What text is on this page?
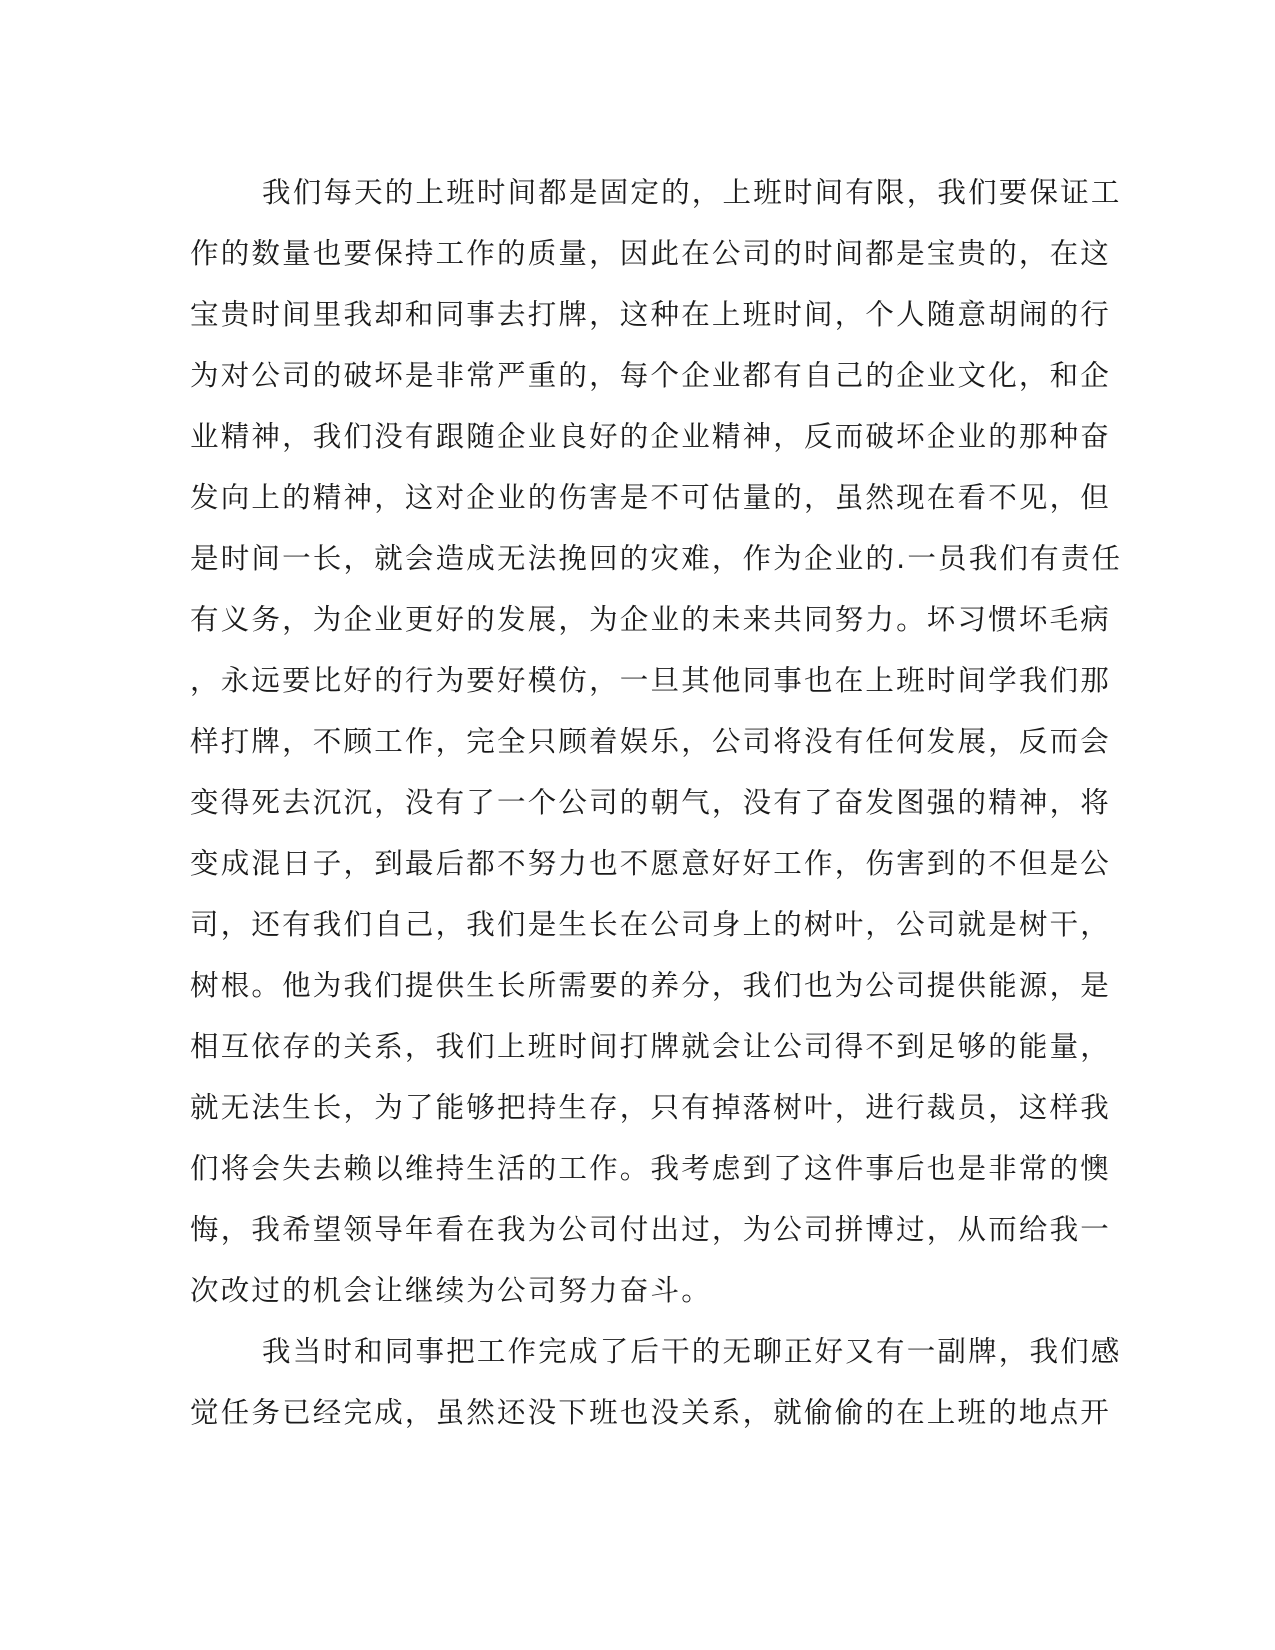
我们每天的上班时间都是固定的，上班时间有限，我们要保证工

作的数量也要保持工作的质量，因此在公司的时间都是宝贵的，在这

宝贵时间里我却和同事去打牌，这种在上班时间，个人随意胡闹的行

为对公司的破坏是非常严重的，每个企业都有自己的企业文化，和企

业精神，我们没有跟随企业良好的企业精神，反而破坏企业的那种奋

发向上的精神，这对企业的伤害是不可估量的，虽然现在看不见，但

是时间一长，就会造成无法挽回的灾难，作为企业的.一员我们有责任

有义务，为企业更好的发展，为企业的未来共同努力。坏习惯坏毛病

，永远要比好的行为要好模仿，一旦其他同事也在上班时间学我们那

样打牌，不顾工作，完全只顾着娱乐，公司将没有任何发展，反而会

变得死去沉沉，没有了一个公司的朝气，没有了奋发图强的精神，将

变成混日子，到最后都不努力也不愿意好好工作，伤害到的不但是公

司，还有我们自己，我们是生长在公司身上的树叶，公司就是树干，

树根。他为我们提供生长所需要的养分，我们也为公司提供能源，是

相互依存的关系，我们上班时间打牌就会让公司得不到足够的能量，

就无法生长，为了能够把持生存，只有掉落树叶，进行裁员，这样我

们将会失去赖以维持生活的工作。我考虑到了这件事后也是非常的懊

悔，我希望领导年看在我为公司付出过，为公司拼博过，从而给我一

次改过的机会让继续为公司努力奋斗。

我当时和同事把工作完成了后干的无聊正好又有一副牌，我们感

觉任务已经完成，虽然还没下班也没关系，就偷偷的在上班的地点开
